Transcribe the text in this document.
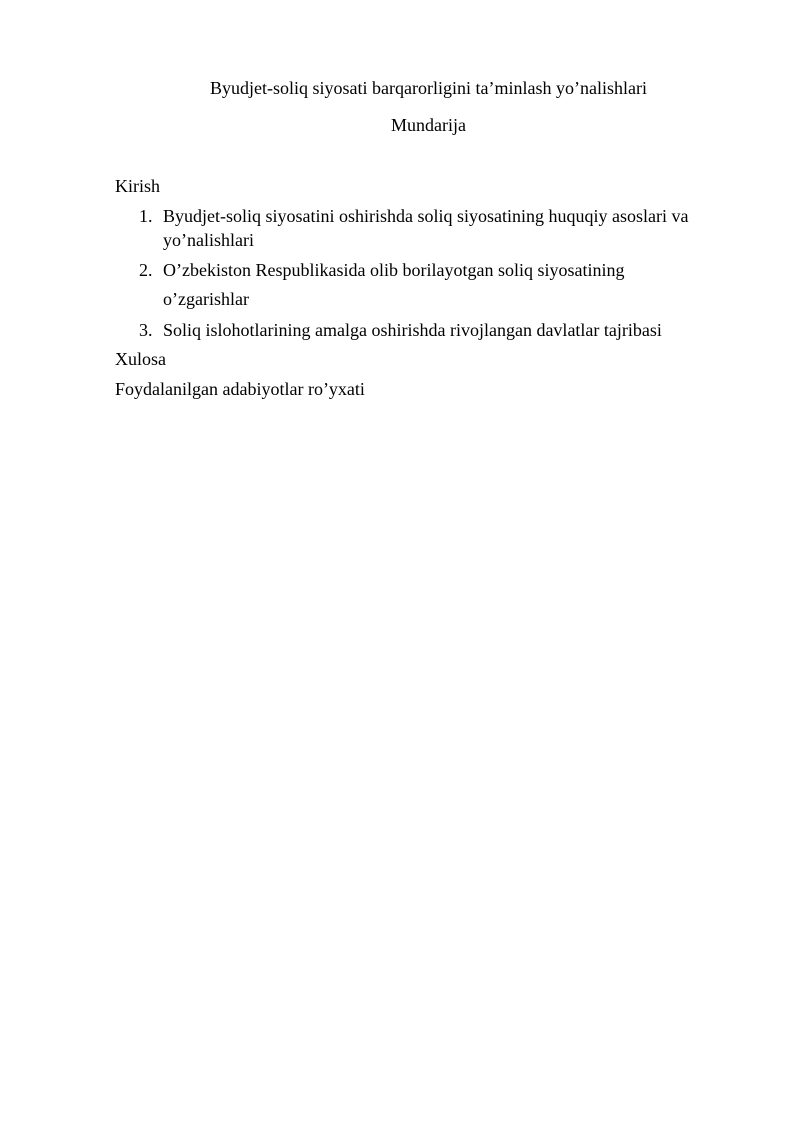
Byudjet-soliq siyosati barqarorligini ta’minlash yo’nalishlari
Mundarija
Kirish
1. Byudjet-soliq siyosatini oshirishda soliq siyosatining huquqiy asoslari va
yo’nalishlari
2. O’zbekiston Respublikasida olib borilayotgan soliq siyosatining
o’zgarishlar
3. Soliq islohotlarining amalga oshirishda rivojlangan davlatlar tajribasi
Xulosa
Foydalanilgan adabiyotlar ro’yxati
